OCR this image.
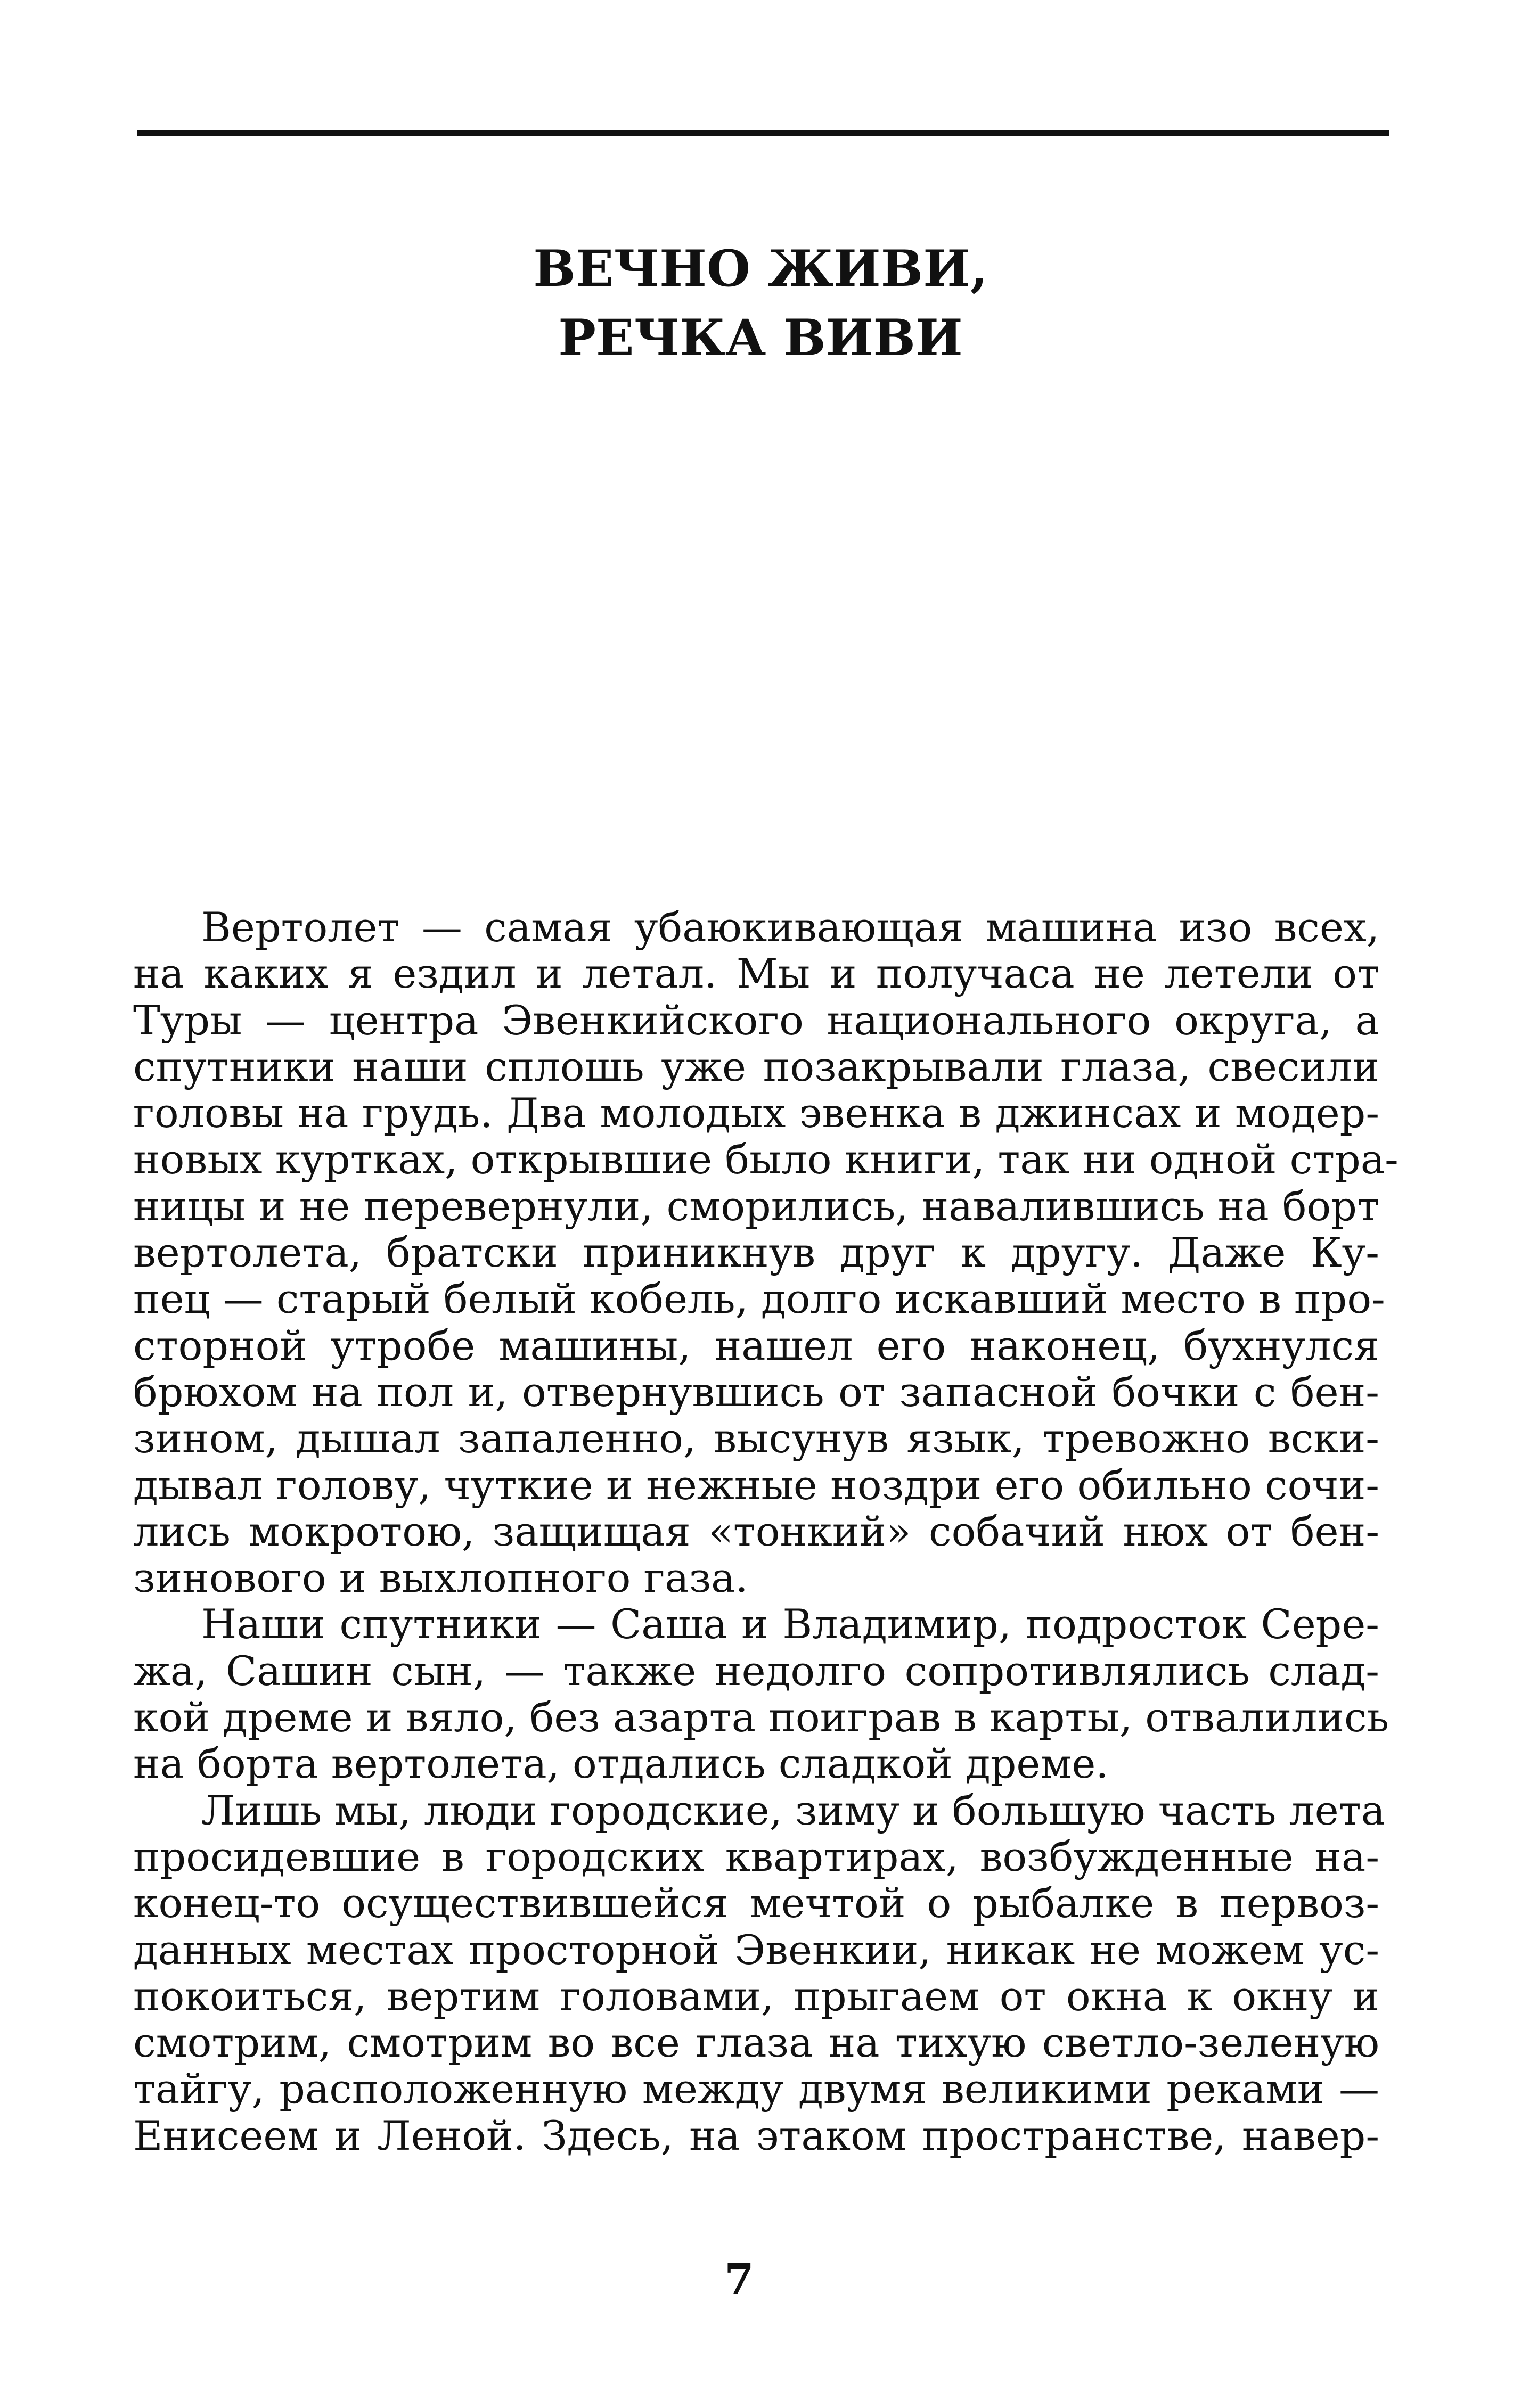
ВЕЧНО ЖИВИ,
РЕЧКА ВИВИ
Вертолет — самая убаюкивающая машина изо всех,
на каких я ездил и летал. Мы и получаса не летели от
Туры — центра Эвенкийского национального округа, а
спутники наши сплошь уже позакрывали глаза, свесили
головы на грудь. Два молодых эвенка в джинсах и модер-
новых куртках, открывшие было книги, так ни одной стра-
ницы и не перевернули, сморились, навалившись на борт
вертолета, братски приникнув друг к другу. Даже Ку-
пец — старый белый кобель, долго искавший место в про-
сторной утробе машины, нашел его наконец, бухнулся
брюхом на пол и, отвернувшись от запасной бочки с бен-
зином, дышал запаленно, высунув язык, тревожно вски-
дывал голову, чуткие и нежные ноздри его обильно сочи-
лись мокротою, защищая «тонкий» собачий нюх от бен-
зинового и выхлопного газа.
Наши спутники — Саша и Владимир, подросток Сере-
жа, Сашин сын, — также недолго сопротивлялись слад-
кой дреме и вяло, без азарта поиграв в карты, отвалились
на борта вертолета, отдались сладкой дреме.
Лишь мы, люди городские, зиму и большую часть лета
просидевшие в городских квартирах, возбужденные на-
конец-то осуществившейся мечтой о рыбалке в первоз-
данных местах просторной Эвенкии, никак не можем ус-
покоиться, вертим головами, прыгаем от окна к окну и
смотрим, смотрим во все глаза на тихую светло-зеленую
тайгу, расположенную между двумя великими реками —
Енисеем и Леной. Здесь, на этаком пространстве, навер-
7
